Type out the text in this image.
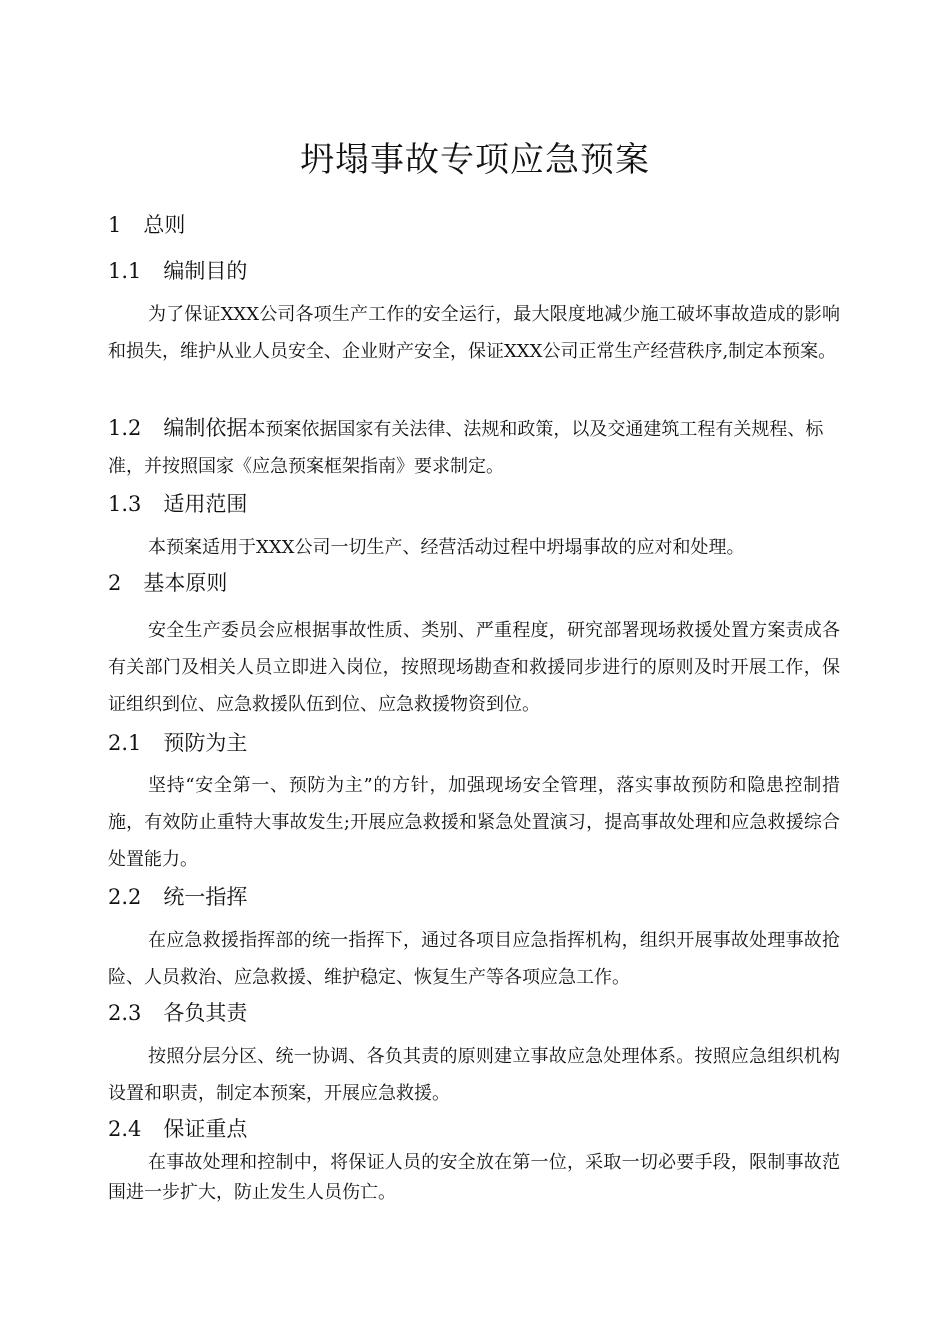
坍塌事故专项应急预案
1 总则
1.1 编制目的
为了保证XXX公司各项生产工作的安全运行，最大限度地减少施工破坏事故造成的影响和损失，维护从业人员安全、企业财产安全，保证XXX公司正常生产经营秩序,制定本预案。
1.2 编制依据本预案依据国家有关法律、法规和政策，以及交通建筑工程有关规程、标准，并按照国家《应急预案框架指南》要求制定。
1.3 适用范围
本预案适用于XXX公司一切生产、经营活动过程中坍塌事故的应对和处理。
2 基本原则
安全生产委员会应根据事故性质、类别、严重程度，研究部署现场救援处置方案责成各有关部门及相关人员立即进入岗位，按照现场勘查和救援同步进行的原则及时开展工作，保证组织到位、应急救援队伍到位、应急救援物资到位。
2.1 预防为主
坚持“安全第一、预防为主”的方针，加强现场安全管理，落实事故预防和隐患控制措施，有效防止重特大事故发生;开展应急救援和紧急处置演习，提高事故处理和应急救援综合处置能力。
2.2 统一指挥
在应急救援指挥部的统一指挥下，通过各项目应急指挥机构，组织开展事故处理事故抢险、人员救治、应急救援、维护稳定、恢复生产等各项应急工作。
2.3 各负其责
按照分层分区、统一协调、各负其责的原则建立事故应急处理体系。按照应急组织机构设置和职责，制定本预案，开展应急救援。
2.4 保证重点
在事故处理和控制中，将保证人员的安全放在第一位，采取一切必要手段，限制事故范围进一步扩大，防止发生人员伤亡。
